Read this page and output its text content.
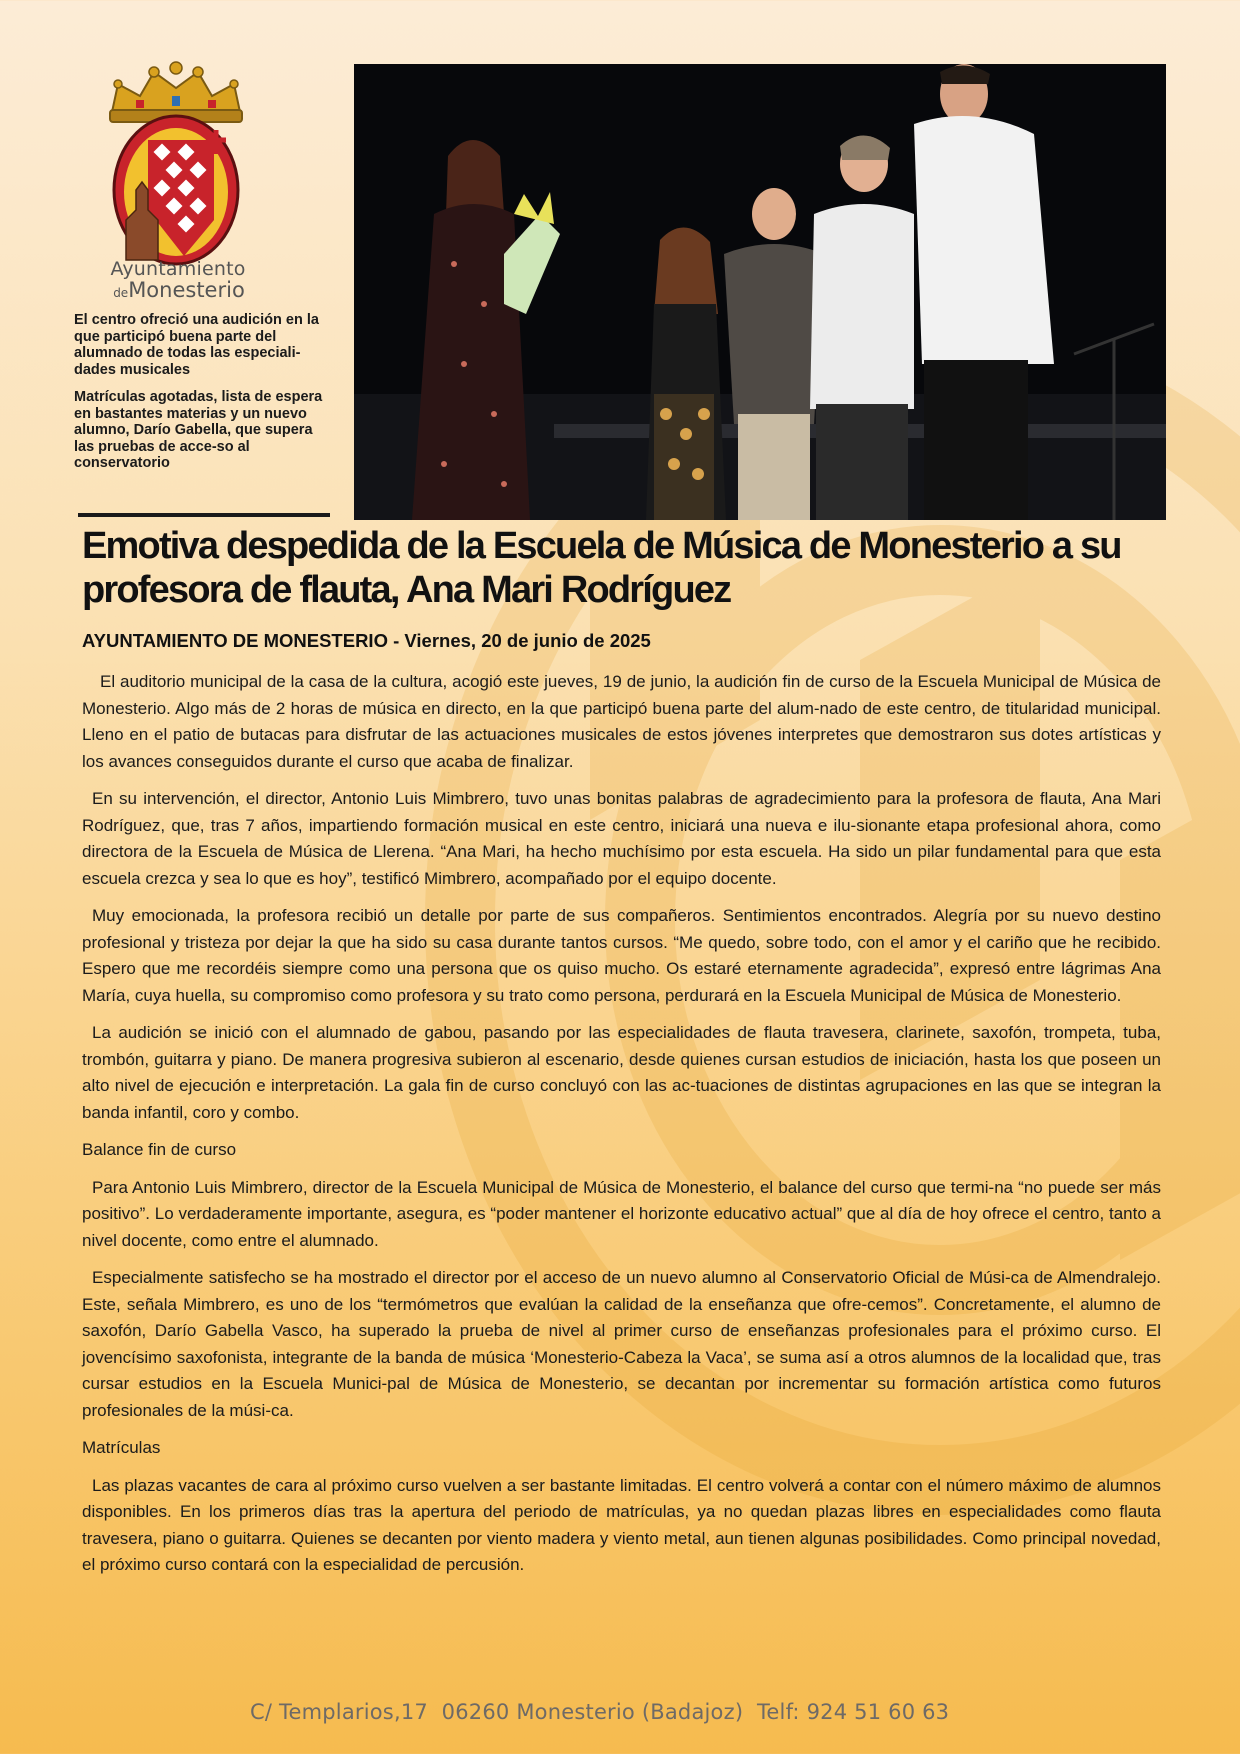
Ayuntamiento
deMonesterio

El centro ofreció una audición en la que participó buena parte del alumnado de todas las especiali-dades musicales

Matrículas agotadas, lista de espera en bastantes materias y un nuevo alumno, Darío Gabella, que supera las pruebas de acce-so al conservatorio

Emotiva despedida de la Escuela de Música de Monesterio a su profesora de flauta, Ana Mari Rodríguez

AYUNTAMIENTO DE MONESTERIO - Viernes, 20 de junio de 2025

El auditorio municipal de la casa de la cultura, acogió este jueves, 19 de junio, la audición fin de curso de la Escuela Municipal de Música de Monesterio. Algo más de 2 horas de música en directo, en la que participó buena parte del alum-nado de este centro, de titularidad municipal. Lleno en el patio de butacas para disfrutar de las actuaciones musicales de estos jóvenes interpretes que demostraron sus dotes artísticas y los avances conseguidos durante el curso que acaba de finalizar.

En su intervención, el director, Antonio Luis Mimbrero, tuvo unas bonitas palabras de agradecimiento para la profesora de flauta, Ana Mari Rodríguez, que, tras 7 años, impartiendo formación musical en este centro, iniciará una nueva e ilu-sionante etapa profesional ahora, como directora de la Escuela de Música de Llerena. “Ana Mari, ha hecho muchísimo por esta escuela. Ha sido un pilar fundamental para que esta escuela crezca y sea lo que es hoy”, testificó Mimbrero, acompañado por el equipo docente.

Muy emocionada, la profesora recibió un detalle por parte de sus compañeros. Sentimientos encontrados. Alegría por su nuevo destino profesional y tristeza por dejar la que ha sido su casa durante tantos cursos. “Me quedo, sobre todo, con el amor y el cariño que he recibido. Espero que me recordéis siempre como una persona que os quiso mucho. Os estaré eternamente agradecida”, expresó entre lágrimas Ana María, cuya huella, su compromiso como profesora y su trato como persona, perdurará en la Escuela Municipal de Música de Monesterio.

La audición se inició con el alumnado de gabou, pasando por las especialidades de flauta travesera, clarinete, saxofón, trompeta, tuba, trombón, guitarra y piano. De manera progresiva subieron al escenario, desde quienes cursan estudios de iniciación, hasta los que poseen un alto nivel de ejecución e interpretación. La gala fin de curso concluyó con las ac-tuaciones de distintas agrupaciones en las que se integran la banda infantil, coro y combo.

Balance fin de curso

Para Antonio Luis Mimbrero, director de la Escuela Municipal de Música de Monesterio, el balance del curso que termi-na “no puede ser más positivo”. Lo verdaderamente importante, asegura, es “poder mantener el horizonte educativo actual” que al día de hoy ofrece el centro, tanto a nivel docente, como entre el alumnado.

Especialmente satisfecho se ha mostrado el director por el acceso de un nuevo alumno al Conservatorio Oficial de Músi-ca de Almendralejo. Este, señala Mimbrero, es uno de los “termómetros que evalúan la calidad de la enseñanza que ofre-cemos”. Concretamente, el alumno de saxofón, Darío Gabella Vasco, ha superado la prueba de nivel al primer curso de enseñanzas profesionales para el próximo curso. El jovencísimo saxofonista, integrante de la banda de música ‘Monesterio-Cabeza la Vaca’, se suma así a otros alumnos de la localidad que, tras cursar estudios en la Escuela Munici-pal de Música de Monesterio, se decantan por incrementar su formación artística como futuros profesionales de la músi-ca.

Matrículas

Las plazas vacantes de cara al próximo curso vuelven a ser bastante limitadas. El centro volverá a contar con el número máximo de alumnos disponibles. En los primeros días tras la apertura del periodo de matrículas, ya no quedan plazas libres en especialidades como flauta travesera, piano o guitarra. Quienes se decanten por viento madera y viento metal, aun tienen algunas posibilidades. Como principal novedad, el próximo curso contará con la especialidad de percusión.

C/ Templarios,17  06260 Monesterio (Badajoz)  Telf: 924 51 60 63
